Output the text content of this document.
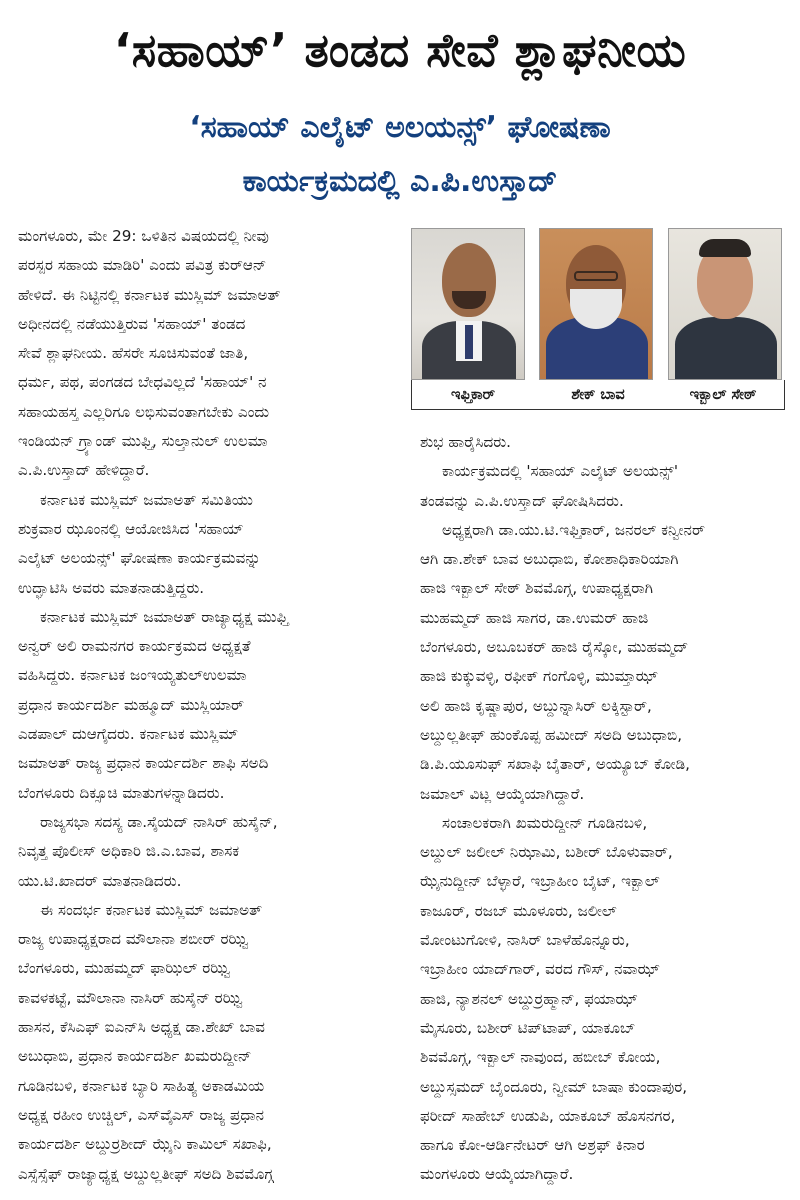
‘ಸಹಾಯ್’ ತಂಡದ ಸೇವೆ ಶ್ಲಾಘನೀಯ
‘ಸಹಾಯ್ ಎಲೈಟ್ ಅಲಯನ್ಸ್’ ಘೋಷಣಾ
ಕಾರ್ಯಕ್ರಮದಲ್ಲಿ ಎ.ಪಿ.ಉಸ್ತಾದ್

ಮಂಗಳೂರು, ಮೇ 29: ಒಳಿತಿನ ವಿಷಯದಲ್ಲಿ ನೀವು
ಪರಸ್ಪರ ಸಹಾಯ ಮಾಡಿರಿ' ಎಂದು ಪವಿತ್ರ ಕುರ್‌ಆನ್
ಹೇಳಿದೆ. ಈ ನಿಟ್ಟಿನಲ್ಲಿ ಕರ್ನಾಟಕ ಮುಸ್ಲಿಮ್ ಜಮಾಅತ್
ಅಧೀನದಲ್ಲಿ ನಡೆಯುತ್ತಿರುವ 'ಸಹಾಯ್' ತಂಡದ
ಸೇವೆ ಶ್ಲಾಘನೀಯ. ಹೆಸರೇ ಸೂಚಿಸುವಂತೆ ಜಾತಿ,
ಧರ್ಮ, ಪಥ, ಪಂಗಡದ ಬೇಧವಿಲ್ಲದೆ 'ಸಹಾಯ್' ನ
ಸಹಾಯಹಸ್ತ ಎಲ್ಲರಿಗೂ ಲಭಿಸುವಂತಾಗಬೇಕು ಎಂದು
ಇಂಡಿಯನ್ ಗ್ರ್ಯಾಂಡ್ ಮುಫ್ತಿ, ಸುಲ್ತಾನುಲ್ ಉಲಮಾ
ಎ.ಪಿ.ಉಸ್ತಾದ್ ಹೇಳಿದ್ದಾರೆ.

ಕರ್ನಾಟಕ ಮುಸ್ಲಿಮ್ ಜಮಾಅತ್ ಸಮಿತಿಯು
ಶುಕ್ರವಾರ ಝೂಂನಲ್ಲಿ ಆಯೋಜಿಸಿದ 'ಸಹಾಯ್
ಎಲೈಟ್ ಅಲಯನ್ಸ್' ಘೋಷಣಾ ಕಾರ್ಯಕ್ರಮವನ್ನು
ಉದ್ಘಾಟಿಸಿ ಅವರು ಮಾತನಾಡುತ್ತಿದ್ದರು.

ಕರ್ನಾಟಕ ಮುಸ್ಲಿಮ್ ಜಮಾಅತ್ ರಾಜ್ಯಾಧ್ಯಕ್ಷ ಮುಫ್ತಿ
ಅನ್ವರ್ ಅಲಿ ರಾಮನಗರ ಕಾರ್ಯಕ್ರಮದ ಅಧ್ಯಕ್ಷತೆ
ವಹಿಸಿದ್ದರು. ಕರ್ನಾಟಕ ಜಂಇಯ್ಯತುಲ್‌ಉಲಮಾ
ಪ್ರಧಾನ ಕಾರ್ಯದರ್ಶಿ ಮಹ್ಮೂದ್ ಮುಸ್ಲಿಯಾರ್
ಎಡಪಾಲ್ ದುಆಗೈದರು. ಕರ್ನಾಟಕ ಮುಸ್ಲಿಮ್
ಜಮಾಅತ್ ರಾಜ್ಯ ಪ್ರಧಾನ ಕಾರ್ಯದರ್ಶಿ ಶಾಫಿ ಸಅದಿ
ಬೆಂಗಳೂರು ದಿಕ್ಸೂಚಿ ಮಾತುಗಳನ್ನಾಡಿದರು.

ರಾಜ್ಯಸಭಾ ಸದಸ್ಯ ಡಾ.ಸೈಯದ್ ನಾಸಿರ್ ಹುಸೈನ್,
ನಿವೃತ್ತ ಪೊಲೀಸ್ ಅಧಿಕಾರಿ ಜಿ.ಎ.ಬಾವ, ಶಾಸಕ
ಯು.ಟಿ.ಖಾದರ್ ಮಾತನಾಡಿದರು.

ಈ ಸಂದರ್ಭ ಕರ್ನಾಟಕ ಮುಸ್ಲಿಮ್ ಜಮಾಅತ್
ರಾಜ್ಯ ಉಪಾಧ್ಯಕ್ಷರಾದ ಮೌಲಾನಾ ಶಬೀರ್ ರಝ್ವಿ
ಬೆಂಗಳೂರು, ಮುಹಮ್ಮದ್ ಫಾಝಿಲ್ ರಝ್ವಿ
ಕಾವಳಕಟ್ಟೆ, ಮೌಲಾನಾ ನಾಸಿರ್ ಹುಸೈನ್ ರಝ್ವಿ
ಹಾಸನ, ಕೆಸಿಎಫ್ ಐಎನ್‌ಸಿ ಅಧ್ಯಕ್ಷ ಡಾ.ಶೇಖ್ ಬಾವ
ಅಬುಧಾಬಿ, ಪ್ರಧಾನ ಕಾರ್ಯದರ್ಶಿ ಖಮರುದ್ದೀನ್
ಗೂಡಿನಬಳಿ, ಕರ್ನಾಟಕ ಬ್ಯಾರಿ ಸಾಹಿತ್ಯ ಅಕಾಡಮಿಯ
ಅಧ್ಯಕ್ಷ ರಹೀಂ ಉಚ್ಚಿಲ್, ಎಸ್‌ವೈಎಸ್ ರಾಜ್ಯ ಪ್ರಧಾನ
ಕಾರ್ಯದರ್ಶಿ ಅಬ್ದುರ್ರಶೀದ್ ಝೈನಿ ಕಾಮಿಲ್ ಸಖಾಫಿ,
ಎಸ್ಸೆಸ್ಸೆಫ್ ರಾಜ್ಯಾಧ್ಯಕ್ಷ ಅಬ್ದುಲ್ಲತೀಫ್ ಸಅದಿ ಶಿವಮೊಗ್ಗ

ಇಫ್ತಿಕಾರ್	ಶೇಕ್ ಬಾವ	ಇಕ್ಬಾಲ್ ಸೇಠ್

ಶುಭ ಹಾರೈಸಿದರು.

ಕಾರ್ಯಕ್ರಮದಲ್ಲಿ 'ಸಹಾಯ್ ಎಲೈಟ್ ಅಲಯನ್ಸ್'
ತಂಡವನ್ನು ಎ.ಪಿ.ಉಸ್ತಾದ್ ಘೋಷಿಸಿದರು.

ಅಧ್ಯಕ್ಷರಾಗಿ ಡಾ.ಯು.ಟಿ.ಇಫ್ತಿಕಾರ್, ಜನರಲ್ ಕನ್ವೀನರ್
ಆಗಿ ಡಾ.ಶೇಕ್ ಬಾವ ಅಬುಧಾಬಿ, ಕೋಶಾಧಿಕಾರಿಯಾಗಿ
ಹಾಜಿ ಇಕ್ಬಾಲ್ ಸೇಠ್ ಶಿವಮೊಗ್ಗ, ಉಪಾಧ್ಯಕ್ಷರಾಗಿ
ಮುಹಮ್ಮದ್ ಹಾಜಿ ಸಾಗರ, ಡಾ.ಉಮರ್ ಹಾಜಿ
ಬೆಂಗಳೂರು, ಅಬೂಬಕರ್ ಹಾಜಿ ರೈಸ್ಕೋ, ಮುಹಮ್ಮದ್
ಹಾಜಿ ಕುಕ್ಕುವಳ್ಳಿ, ರಫೀಕ್ ಗಂಗೊಳ್ಳಿ, ಮುಮ್ತಾಝ್
ಅಲಿ ಹಾಜಿ ಕೃಷ್ಣಾಪುರ, ಅಬ್ದುನ್ನಾಸಿರ್ ಲಕ್ಕಿಸ್ಟಾರ್,
ಅಬ್ದುಲ್ಲತೀಫ್ ಹುಂಕೊಪ್ಪ ಹಮೀದ್ ಸಅದಿ ಅಬುಧಾಬಿ,
ಡಿ.ಪಿ.ಯೂಸುಫ್ ಸಖಾಫಿ ಬೈತಾರ್, ಅಯ್ಯೂಬ್ ಕೋಡಿ,
ಜಮಾಲ್ ವಿಟ್ಲ ಆಯ್ಕೆಯಾಗಿದ್ದಾರೆ.

ಸಂಚಾಲಕರಾಗಿ ಖಮರುದ್ದೀನ್ ಗೂಡಿನಬಳಿ,
ಅಬ್ದುಲ್ ಜಲೀಲ್ ನಿಝಾಮಿ, ಬಶೀರ್ ಬೊಳುವಾರ್,
ಝೈನುದ್ದೀನ್ ಬೆಳ್ಳಾರೆ, ಇಬ್ರಾಹೀಂ ಬೈಟ್, ಇಕ್ಬಾಲ್
ಕಾಜೂರ್, ರಜಬ್ ಮೂಳೂರು, ಜಲೀಲ್
ಮೋಂಟುಗೋಳಿ, ನಾಸಿರ್ ಬಾಳೆಹೊನ್ನೂರು,
ಇಬ್ರಾಹೀಂ ಯಾದ್‌ಗಾರ್, ವರದ ಗೌಸ್, ನವಾಝ್
ಹಾಜಿ, ನ್ಯಾಶನಲ್ ಅಬ್ದುರ್ರಹ್ಮಾನ್, ಫಯಾಝ್
ಮೈಸೂರು, ಬಶೀರ್ ಟಿಪ್‌ಟಾಪ್, ಯಾಕೂಬ್
ಶಿವಮೊಗ್ಗ, ಇಕ್ಬಾಲ್ ನಾವುಂದ, ಹಬೀಬ್ ಕೋಯ,
ಅಬ್ದುಸ್ಸಮದ್ ಬೈಂದೂರು, ನ್ವೀಮ್ ಬಾಷಾ ಕುಂದಾಪುರ,
ಫರೀದ್ ಸಾಹೇಬ್ ಉಡುಪಿ, ಯಾಕೂಬ್ ಹೊಸನಗರ,
ಹಾಗೂ ಕೋ-ಆರ್ಡಿನೇಟರ್ ಆಗಿ ಅಶ್ರಫ್ ಕಿನಾರ
ಮಂಗಳೂರು ಆಯ್ಕೆಯಾಗಿದ್ದಾರೆ.
